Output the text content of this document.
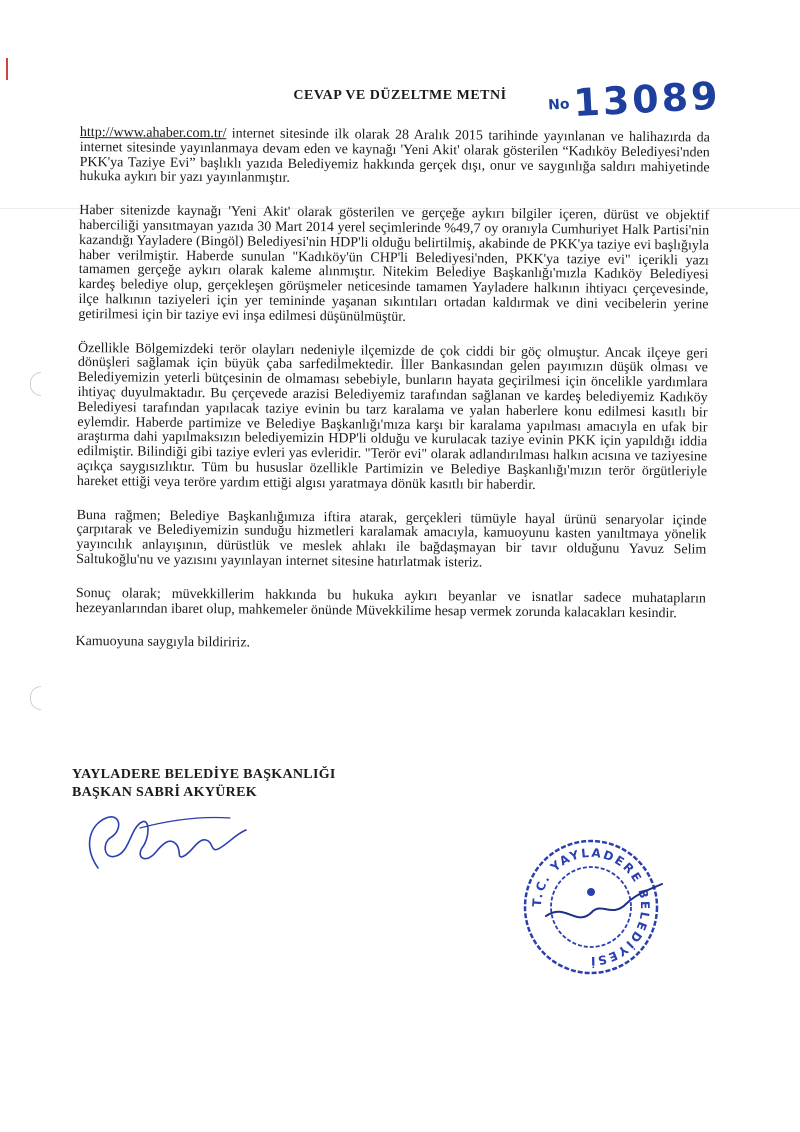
$^{No}$13089
CEVAP VE DÜZELTME METNİ

http://www.ahaber.com.tr/ internet sitesinde ilk olarak 28 Aralık 2015 tarihinde yayınlanan ve halihazırda da internet sitesinde yayınlanmaya devam eden ve kaynağı 'Yeni Akit' olarak gösterilen “Kadıköy Belediyesi'nden PKK'ya Taziye Evi” başlıklı yazıda Belediyemiz hakkında gerçek dışı, onur ve saygınlığa saldırı mahiyetinde hukuka aykırı bir yazı yayınlanmıştır.

Haber sitenizde kaynağı 'Yeni Akit' olarak gösterilen ve gerçeğe aykırı bilgiler içeren, dürüst ve objektif haberciliği yansıtmayan yazıda 30 Mart 2014 yerel seçimlerinde %49,7 oy oranıyla Cumhuriyet Halk Partisi'nin kazandığı Yayladere (Bingöl) Belediyesi'nin HDP'li olduğu belirtilmiş, akabinde de PKK'ya taziye evi başlığıyla haber verilmiştir. Haberde sunulan "Kadıköy'ün CHP'li Belediyesi'nden, PKK'ya taziye evi" içerikli yazı tamamen gerçeğe aykırı olarak kaleme alınmıştır. Nitekim Belediye Başkanlığı'mızla Kadıköy Belediyesi kardeş belediye olup, gerçekleşen görüşmeler neticesinde tamamen Yayladere halkının ihtiyacı çerçevesinde, ilçe halkının taziyeleri için yer temininde yaşanan sıkıntıları ortadan kaldırmak ve dini vecibelerin yerine getirilmesi için bir taziye evi inşa edilmesi düşünülmüştür.

Özellikle Bölgemizdeki terör olayları nedeniyle ilçemizde de çok ciddi bir göç olmuştur. Ancak ilçeye geri dönüşleri sağlamak için büyük çaba sarfedilmektedir. İller Bankasından gelen payımızın düşük olması ve Belediyemizin yeterli bütçesinin de olmaması sebebiyle, bunların hayata geçirilmesi için öncelikle yardımlara ihtiyaç duyulmaktadır. Bu çerçevede arazisi Belediyemiz tarafından sağlanan ve kardeş belediyemiz Kadıköy Belediyesi tarafından yapılacak taziye evinin bu tarz karalama ve yalan haberlere konu edilmesi kasıtlı bir eylemdir. Haberde partimize ve Belediye Başkanlığı'mıza karşı bir karalama yapılması amacıyla en ufak bir araştırma dahi yapılmaksızın belediyemizin HDP'li olduğu ve kurulacak taziye evinin PKK için yapıldığı iddia edilmiştir. Bilindiği gibi taziye evleri yas evleridir. "Terör evi" olarak adlandırılması halkın acısına ve taziyesine açıkça saygısızlıktır. Tüm bu hususlar özellikle Partimizin ve Belediye Başkanlığı'mızın terör örgütleriyle hareket ettiği veya teröre yardım ettiği algısı yaratmaya dönük kasıtlı bir haberdir.

Buna rağmen; Belediye Başkanlığımıza iftira atarak, gerçekleri tümüyle hayal ürünü senaryolar içinde çarpıtarak ve Belediyemizin sunduğu hizmetleri karalamak amacıyla, kamuoyunu kasten yanıltmaya yönelik yayıncılık anlayışının, dürüstlük ve meslek ahlakı ile bağdaşmayan bir tavır olduğunu Yavuz Selim Saltukoğlu'nu ve yazısını yayınlayan internet sitesine hatırlatmak isteriz.

Sonuç olarak; müvekkillerim hakkında bu hukuka aykırı beyanlar ve isnatlar sadece muhatapların hezeyanlarından ibaret olup, mahkemeler önünde Müvekkilime hesap vermek zorunda kalacakları kesindir.

Kamuoyuna saygıyla bildiririz.

YAYLADERE BELEDİYE BAŞKANLIĞI
BAŞKAN SABRİ AKYÜREK
T.C. YAYLADERE BELEDİYESİ
